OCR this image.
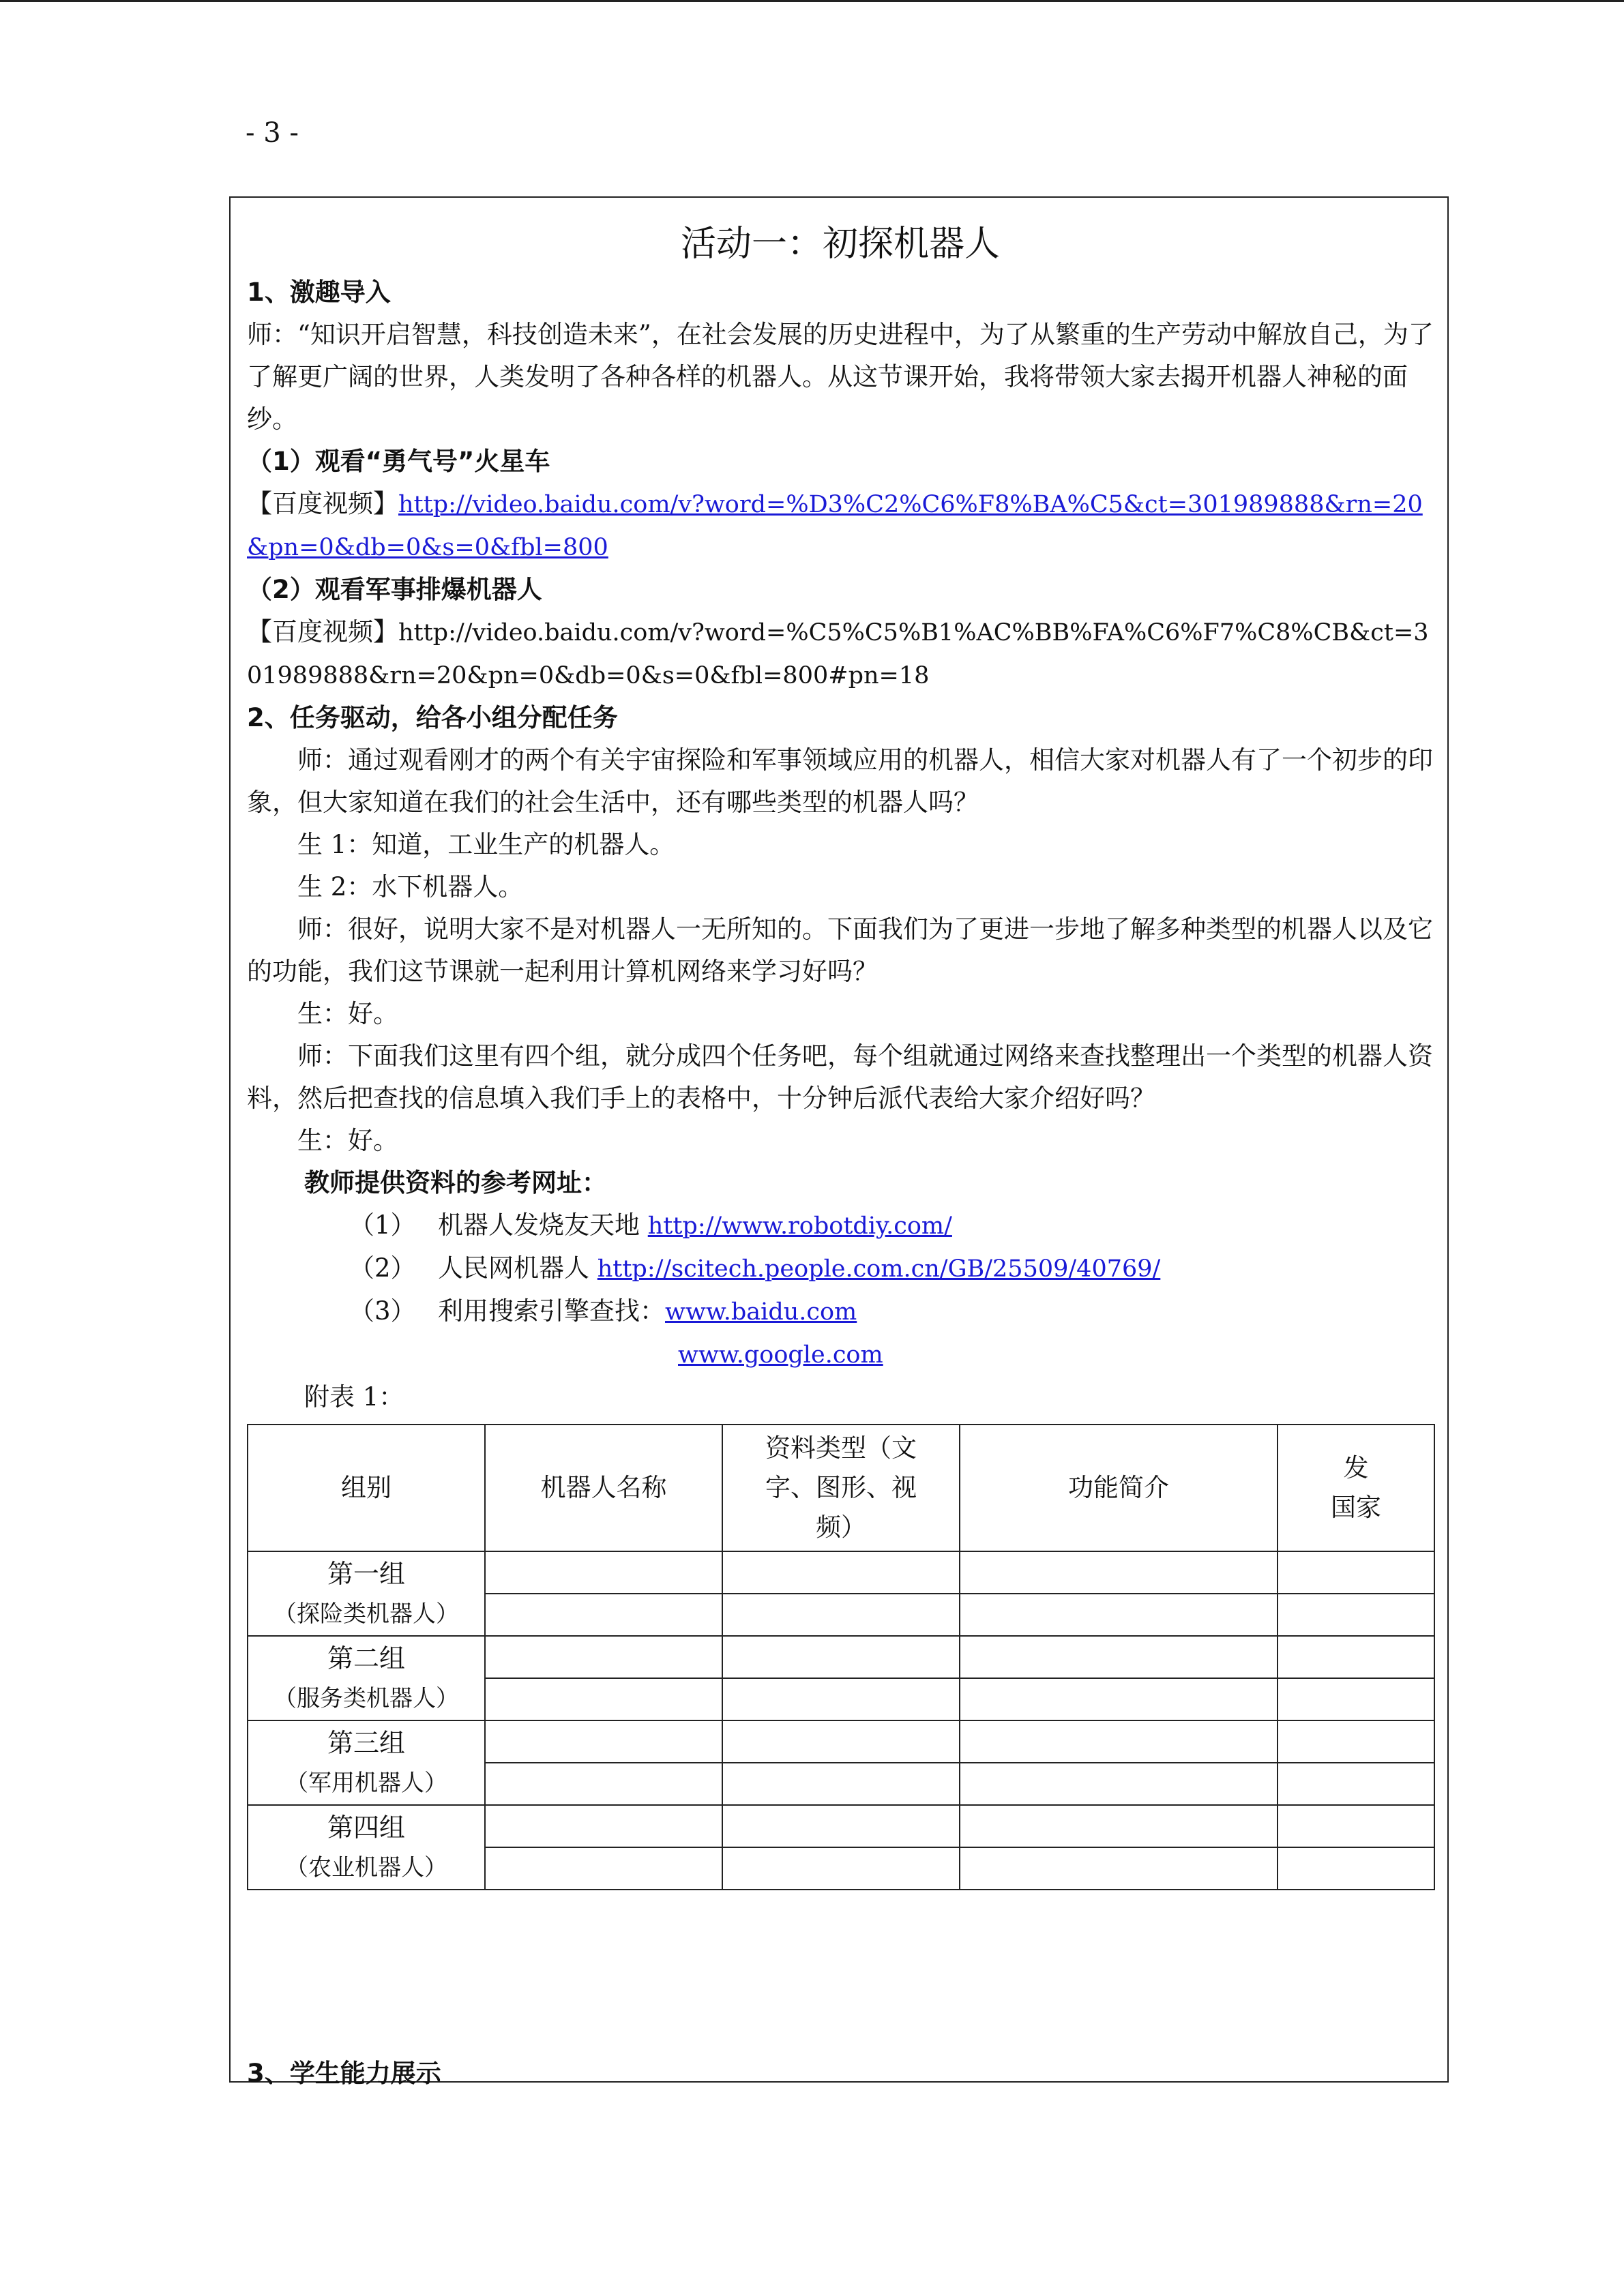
- 3 -
活动一：初探机器人

1、激趣导入

师：“知识开启智慧，科技创造未来”，在社会发展的历史进程中，为了从繁重的生产劳动中解放自己，为了了解更广阔的世界，人类发明了各种各样的机器人。从这节课开始，我将带领大家去揭开机器人神秘的面纱。

（1）观看“勇气号”火星车

【百度视频】http://video.baidu.com/v?word=%D3%C2%C6%F8%BA%C5&ct=301989888&rn=20&pn=0&db=0&s=0&fbl=800

（2）观看军事排爆机器人

【百度视频】http://video.baidu.com/v?word=%C5%C5%B1%AC%BB%FA%C6%F7%C8%CB&ct=301989888&rn=20&pn=0&db=0&s=0&fbl=800#pn=18

2、任务驱动，给各小组分配任务

师：通过观看刚才的两个有关宇宙探险和军事领域应用的机器人，相信大家对机器人有了一个初步的印象，但大家知道在我们的社会生活中，还有哪些类型的机器人吗？

生 1：知道，工业生产的机器人。

生 2：水下机器人。

师：很好，说明大家不是对机器人一无所知的。下面我们为了更进一步地了解多种类型的机器人以及它的功能，我们这节课就一起利用计算机网络来学习好吗？

生：好。

师：下面我们这里有四个组，就分成四个任务吧，每个组就通过网络来查找整理出一个类型的机器人资料，然后把查找的信息填入我们手上的表格中，十分钟后派代表给大家介绍好吗？

生：好。

教师提供资料的参考网址：

（1） 机器人发烧友天地 http://www.robotdiy.com/

（2） 人民网机器人 http://scitech.people.com.cn/GB/25509/40769/

（3） 利用搜索引擎查找：www.baidu.com

www.google.com

附表 1：

组别	机器人名称	资料类型（文字、图形、视频）	功能简介	发
国家

第一组
（探险类机器人）				

第二组
（服务类机器人）				

第三组
（军用机器人）				

第四组
（农业机器人）				

3、学生能力展示
